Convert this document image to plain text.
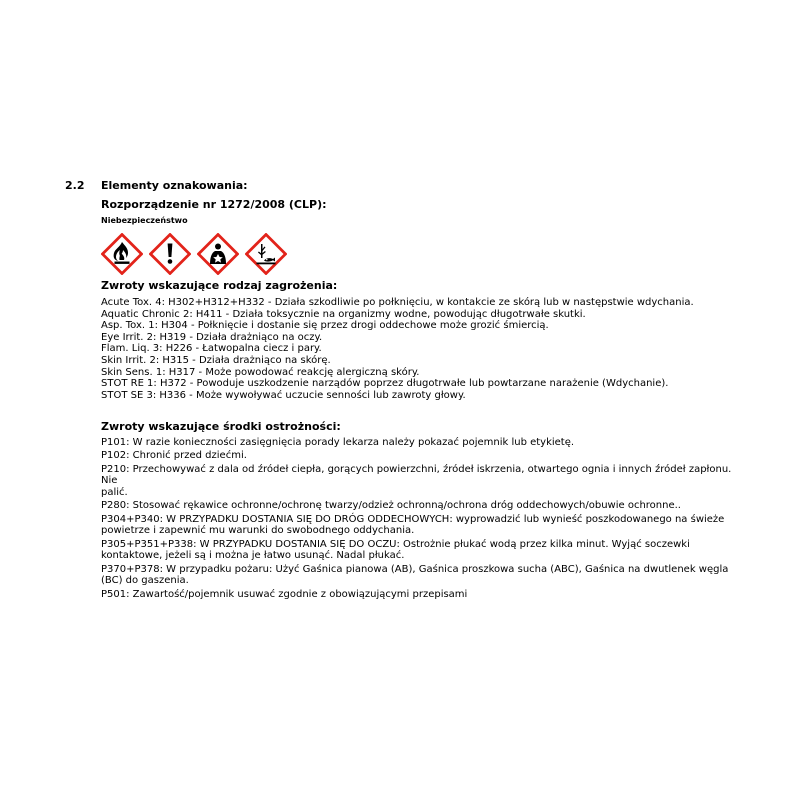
2.2 Elementy oznakowania:
Rozporządzenie nr 1272/2008 (CLP):
Niebezpieczeństwo
Zwroty wskazujące rodzaj zagrożenia:
Acute Tox. 4: H302+H312+H332 - Działa szkodliwie po połknięciu, w kontakcie ze skórą lub w następstwie wdychania.
Aquatic Chronic 2: H411 - Działa toksycznie na organizmy wodne, powodując długotrwałe skutki.
Asp. Tox. 1: H304 - Połknięcie i dostanie się przez drogi oddechowe może grozić śmiercią.
Eye Irrit. 2: H319 - Działa drażniąco na oczy.
Flam. Liq. 3: H226 - Łatwopalna ciecz i pary.
Skin Irrit. 2: H315 - Działa drażniąco na skórę.
Skin Sens. 1: H317 - Może powodować reakcję alergiczną skóry.
STOT RE 1: H372 - Powoduje uszkodzenie narządów poprzez długotrwałe lub powtarzane narażenie (Wdychanie).
STOT SE 3: H336 - Może wywoływać uczucie senności lub zawroty głowy.
Zwroty wskazujące środki ostrożności:
P101: W razie konieczności zasięgnięcia porady lekarza należy pokazać pojemnik lub etykietę.
P102: Chronić przed dziećmi.
P210: Przechowywać z dala od źródeł ciepła, gorących powierzchni, źródeł iskrzenia, otwartego ognia i innych źródeł zapłonu. Nie
palić.
P280: Stosować rękawice ochronne/ochronę twarzy/odzież ochronną/ochrona dróg oddechowych/obuwie ochronne..
P304+P340: W PRZYPADKU DOSTANIA SIĘ DO DRÓG ODDECHOWYCH: wyprowadzić lub wynieść poszkodowanego na świeże
powietrze i zapewnić mu warunki do swobodnego oddychania.
P305+P351+P338: W PRZYPADKU DOSTANIA SIĘ DO OCZU: Ostrożnie płukać wodą przez kilka minut. Wyjąć soczewki
kontaktowe, jeżeli są i można je łatwo usunąć. Nadal płukać.
P370+P378: W przypadku pożaru: Użyć Gaśnica pianowa (AB), Gaśnica proszkowa sucha (ABC), Gaśnica na dwutlenek węgla
(BC) do gaszenia.
P501: Zawartość/pojemnik usuwać zgodnie z obowiązującymi przepisami
